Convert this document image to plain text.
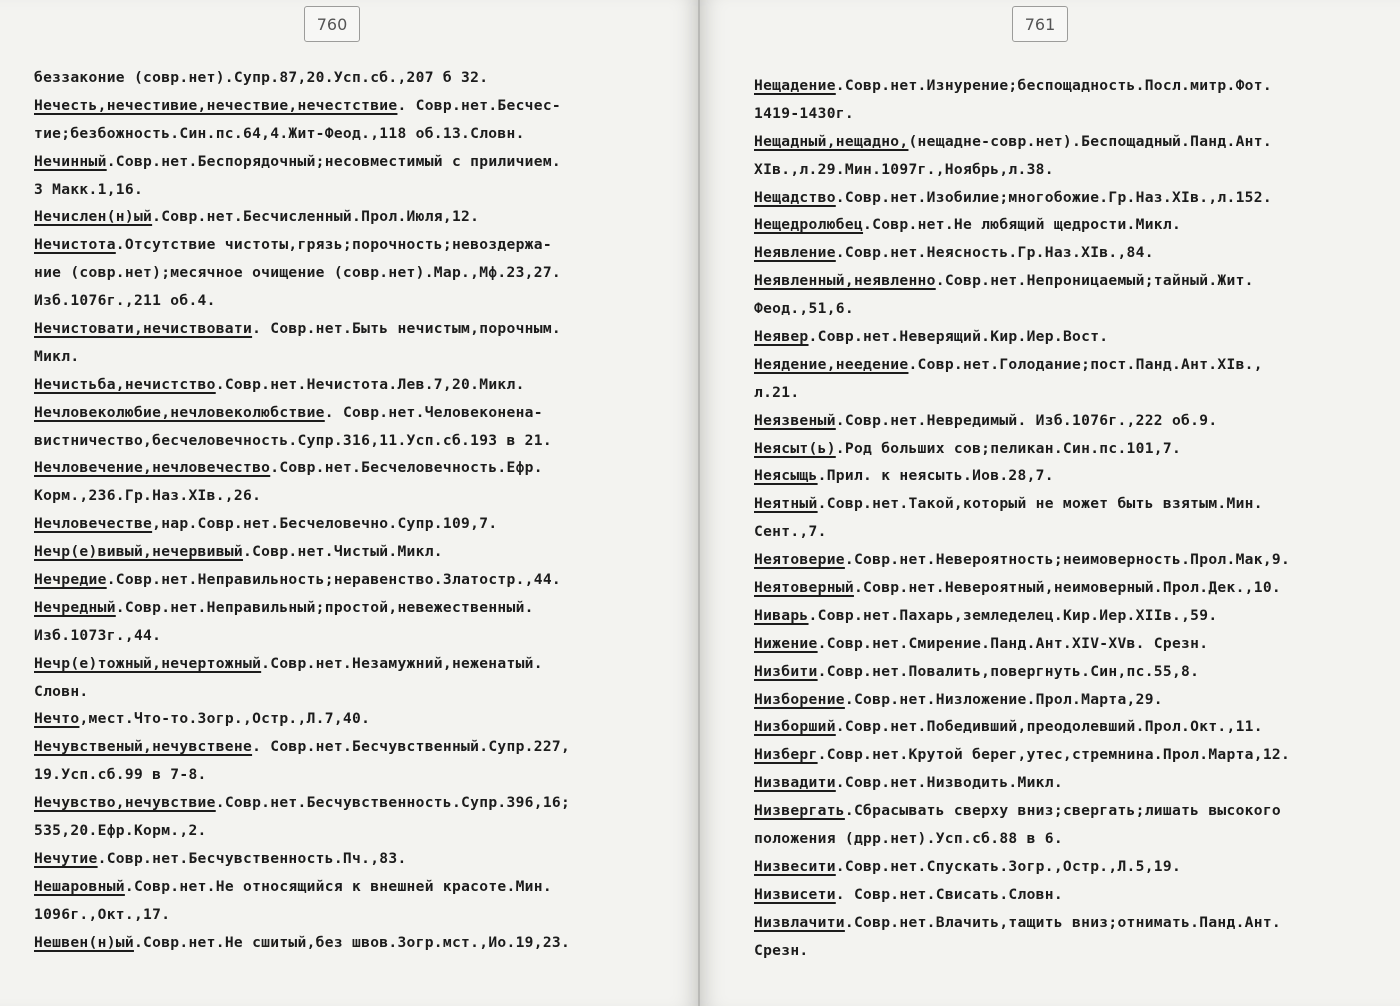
760
беззаконие (совр.нет).Супр.87,20.Усп.сб.,207 б 32.
Нечесть,нечестивие,нечествие,нечестствие. Совр.нет.Бесчес-
тие;безбожность.Син.пс.64,4.Жит-Феод.,118 об.13.Словн.
Нечинный.Совр.нет.Беспорядочный;несовместимый с приличием.
3 Макк.1,16.
Нечислен(н)ый.Совр.нет.Бесчисленный.Прол.Июля,12.
Нечистота.Отсутствие чистоты,грязь;порочность;невоздержа-
ние (совр.нет);месячное очищение (совр.нет).Мар.,Мф.23,27.
Изб.1076г.,211 об.4.
Нечистовати,нечиствовати. Совр.нет.Быть нечистым,порочным.
Микл.
Нечистьба,нечистство.Совр.нет.Нечистота.Лев.7,20.Микл.
Нечловеколюбие,нечловеколюбствие. Совр.нет.Человеконена-
вистничество,бесчеловечность.Супр.316,11.Усп.сб.193 в 21.
Нечловечение,нечловечество.Совр.нет.Бесчеловечность.Ефр.
Корм.,236.Гр.Наз.XIв.,26.
Нечловечестве,нар.Совр.нет.Бесчеловечно.Супр.109,7.
Нечр(е)вивый,нечервивый.Совр.нет.Чистый.Микл.
Нечредие.Совр.нет.Неправильность;неравенство.Златостр.,44.
Нечредный.Совр.нет.Неправильный;простой,невежественный.
Изб.1073г.,44.
Нечр(е)тожный,нечертожный.Совр.нет.Незамужний,неженатый.
Словн.
Нечто,мест.Что-то.Зогр.,Остр.,Л.7,40.
Нечувственый,нечувствене. Совр.нет.Бесчувственный.Супр.227,
19.Усп.сб.99 в 7-8.
Нечувство,нечувствие.Совр.нет.Бесчувственность.Супр.396,16;
535,20.Ефр.Корм.,2.
Нечутие.Совр.нет.Бесчувственность.Пч.,83.
Нешаровный.Совр.нет.Не относящийся к внешней красоте.Мин.
1096г.,Окт.,17.
Нешвен(н)ый.Совр.нет.Не сшитый,без швов.Зогр.мст.,Ио.19,23.
761
Нещадение.Совр.нет.Изнурение;беспощадность.Посл.митр.Фот.
1419-1430г.
Нещадный,нещадно,(нещадне-совр.нет).Беспощадный.Панд.Ант.
XIв.,л.29.Мин.1097г.,Ноябрь,л.38.
Нещадство.Совр.нет.Изобилие;многобожие.Гр.Наз.XIв.,л.152.
Нещедролюбец.Совр.нет.Не любящий щедрости.Микл.
Неявление.Совр.нет.Неясность.Гр.Наз.XIв.,84.
Неявленный,неявленно.Совр.нет.Непроницаемый;тайный.Жит.
Феод.,51,6.
Неявер.Совр.нет.Неверящий.Кир.Иер.Вост.
Неядение,неедение.Совр.нет.Голодание;пост.Панд.Ант.XIв.,
л.21.
Неязвеный.Совр.нет.Невредимый. Изб.1076г.,222 об.9.
Неясыт(ь).Род больших сов;пеликан.Син.пс.101,7.
Неясыщь.Прил. к неясыть.Иов.28,7.
Неятный.Совр.нет.Такой,который не может быть взятым.Мин.
Сент.,7.
Неятоверие.Совр.нет.Невероятность;неимоверность.Прол.Мак,9.
Неятоверный.Совр.нет.Невероятный,неимоверный.Прол.Дек.,10.
Ниварь.Совр.нет.Пахарь,земледелец.Кир.Иер.XIIв.,59.
Нижение.Совр.нет.Смирение.Панд.Ант.XIV-XVв. Срезн.
Низбити.Совр.нет.Повалить,повергнуть.Син,пс.55,8.
Низборение.Совр.нет.Низложение.Прол.Марта,29.
Низборший.Совр.нет.Победивший,преодолевший.Прол.Окт.,11.
Низберг.Совр.нет.Крутой берег,утес,стремнина.Прол.Марта,12.
Низвадити.Совр.нет.Низводить.Микл.
Низвергать.Сбрасывать сверху вниз;свергать;лишать высокого
положения (дрр.нет).Усп.сб.88 в 6.
Низвесити.Совр.нет.Спускать.Зогр.,Остр.,Л.5,19.
Низвисети. Совр.нет.Свисать.Словн.
Низвлачити.Совр.нет.Влачить,тащить вниз;отнимать.Панд.Ант.
Срезн.
